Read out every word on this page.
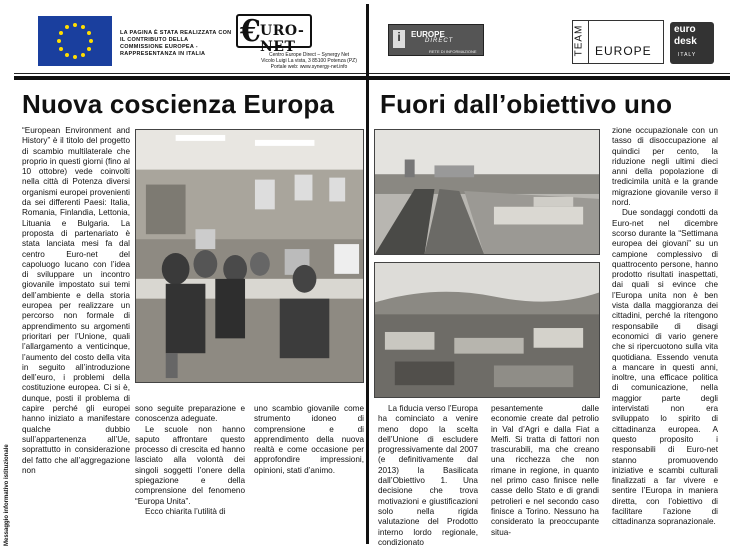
Messaggio informativo istituzionale
LA PAGINA È STATA REALIZZATA CON IL CONTRIBUTO DELLA COMMISSIONE EUROPEA - RAPPRESENTANZA IN ITALIA
€ URO-NET
Centro Europe Direct – Synergy Net
Vicolo Luigi La vista, 3 85100 Potenza (PZ)
Portale web: www.synergy-net.info
i	EUROPE
DIRECT
RETE DI INFORMAZIONE	TEAM EUROPE
euro
desk
ITALY
Nuova coscienza Europa

“European Environment and History” è il titolo del progetto di scambio multilaterale che proprio in questi giorni (fino al 10 ottobre) vede coinvolti nella città di Potenza diversi organismi europei provenienti da sei differenti Paesi: Italia, Romania, Finlandia, Lettonia, Lituania e Bulgaria. La proposta di partenariato è stata lanciata mesi fa dal centro Euro-net del capoluogo lucano con l’idea di sviluppare un incontro giovanile impostato sui temi dell’ambiente e della storia europea per realizzare un percorso non formale di apprendimento su argomenti prioritari per l’Unione, quali l’allargamento a venticinque, l’aumento del costo della vita in seguito all’introduzione dell’euro, i problemi della costituzione europea. Ci si è, dunque, posti il problema di capire perché gli europei hanno iniziato a manifestare qualche dubbio sull’appartenenza all’Ue, soprattutto in considerazione del fatto che all’aggregazione non

sono seguite preparazione e conoscenza adeguate.

Le scuole non hanno saputo affrontare questo processo di crescita ed hanno lasciato alla volontà dei singoli soggetti l’onere della spiegazione e della comprensione del fenomeno “Europa Unita”.

Ecco chiarita l’utilità di

uno scambio giovanile come strumento idoneo di comprensione e di apprendimento della nuova realtà e come occasione per approfondire impressioni, opinioni, stati d’animo.

Fuori dall’obiettivo uno

La fiducia verso l’Europa ha cominciato a venire meno dopo la scelta dell’Unione di escludere progressivamente dal 2007 (e definitivamente dal 2013) la Basilicata dall’Obiettivo 1. Una decisione che trova motivazioni e giustificazioni solo nella rigida valutazione del Prodotto interno lordo regionale, condizionato

pesantemente dalle economie create dal petrolio in Val d’Agri e dalla Fiat a Melfi. Si tratta di fattori non trascurabili, ma che creano una ricchezza che non rimane in regione, in quanto nel primo caso finisce nelle casse dello Stato e di grandi petrolieri e nel secondo caso finisce a Torino. Nessuno ha considerato la preoccupante situa-

zione occupazionale con un tasso di disoccupazione al quindici per cento, la riduzione negli ultimi dieci anni della popolazione di tredicimila unità e la grande migrazione giovanile verso il nord.

Due sondaggi condotti da Euro-net nel dicembre scorso durante la “Settimana europea dei giovani” su un campione complessivo di quattrocento persone, hanno prodotto risultati inaspettati, dai quali si evince che l’Europa unita non è ben vista dalla maggioranza dei cittadini, perché la ritengono responsabile di disagi economici di vario genere che si ripercuotono sulla vita quotidiana. Essendo venuta a mancare in questi anni, inoltre, una efficace politica di comunicazione, nella maggior parte degli intervistati non era sviluppato lo spirito di cittadinanza europea. A questo proposito i responsabili di Euro-net stanno promuovendo iniziative e scambi culturali finalizzati a far vivere e sentire l’Europa in maniera diretta, con l’obiettivo di facilitare l’azione di cittadinanza sopranazionale.
